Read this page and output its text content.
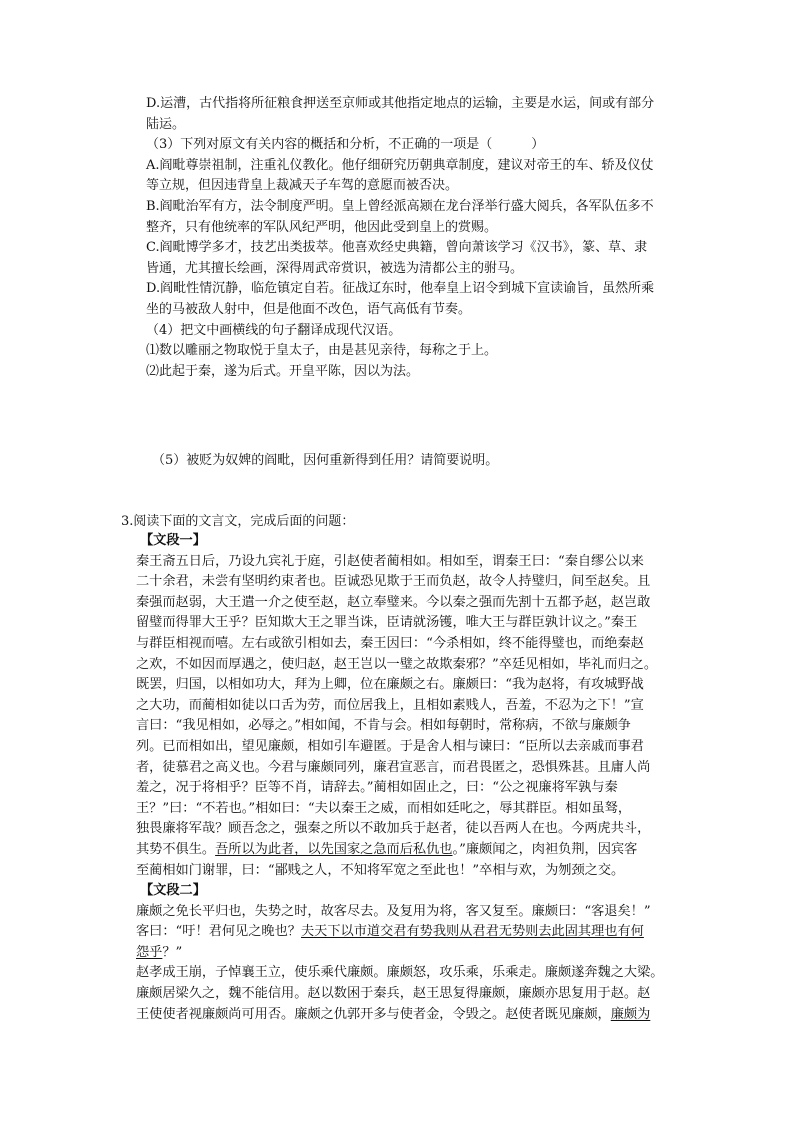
D.运漕，古代指将所征粮食押送至京师或其他指定地点的运输，主要是水运，间或有部分

陆运。

（3）下列对原文有关内容的概括和分析，不正确的一项是（　　　）

A.阎毗尊崇祖制，注重礼仪教化。他仔细研究历朝典章制度，建议对帝王的车、轿及仪仗

等立规，但因违背皇上裁减天子车驾的意愿而被否决。

B.阎毗治军有方，法令制度严明。皇上曾经派高颎在龙台泽举行盛大阅兵，各军队伍多不

整齐，只有他统率的军队风纪严明，他因此受到皇上的赏赐。

C.阎毗博学多才，技艺出类拔萃。他喜欢经史典籍，曾向萧该学习《汉书》，篆、草、隶

皆通，尤其擅长绘画，深得周武帝赏识，被选为清都公主的驸马。

D.阎毗性情沉静，临危镇定自若。征战辽东时，他奉皇上诏令到城下宣读谕旨，虽然所乘

坐的马被敌人射中，但是他面不改色，语气高低有节奏。

（4）把文中画横线的句子翻译成现代汉语。

⑴数以雕丽之物取悦于皇太子，由是甚见亲待，每称之于上。

⑵此起于秦，遂为后式。开皇平陈，因以为法。

（5）被贬为奴婢的阎毗，因何重新得到任用？请简要说明。

3.阅读下面的文言文，完成后面的问题：

【文段一】

秦王斋五日后，乃设九宾礼于庭，引赵使者蔺相如。相如至，谓秦王曰：“秦自缪公以来

二十余君，未尝有坚明约束者也。臣诚恐见欺于王而负赵，故令人持璧归，间至赵矣。且

秦强而赵弱，大王遣一介之使至赵，赵立奉璧来。今以秦之强而先割十五都予赵，赵岂敢

留璧而得罪大王乎？臣知欺大王之罪当诛，臣请就汤镬，唯大王与群臣孰计议之。”秦王

与群臣相视而嘻。左右或欲引相如去，秦王因曰：“今杀相如，终不能得璧也，而绝秦赵

之欢，不如因而厚遇之，使归赵，赵王岂以一璧之故欺秦邪？”卒廷见相如，毕礼而归之。

既罢，归国，以相如功大，拜为上卿，位在廉颇之右。廉颇曰：“我为赵将，有攻城野战

之大功，而蔺相如徒以口舌为劳，而位居我上，且相如素贱人，吾羞，不忍为之下！”宣

言曰：“我见相如，必辱之。”相如闻，不肯与会。相如每朝时，常称病，不欲与廉颇争

列。已而相如出，望见廉颇，相如引车避匿。于是舍人相与谏曰：“臣所以去亲戚而事君

者，徒慕君之高义也。今君与廉颇同列，廉君宣恶言，而君畏匿之，恐惧殊甚。且庸人尚

羞之，况于将相乎？臣等不肖，请辞去。”蔺相如固止之，曰：“公之视廉将军孰与秦

王？”曰：“不若也。”相如曰：“夫以秦王之威，而相如廷叱之，辱其群臣。相如虽驽，

独畏廉将军哉？顾吾念之，强秦之所以不敢加兵于赵者，徒以吾两人在也。今两虎共斗，

其势不俱生。吾所以为此者，以先国家之急而后私仇也。”廉颇闻之，肉袒负荆，因宾客

至蔺相如门谢罪，曰：“鄙贱之人，不知将军宽之至此也！”卒相与欢，为刎颈之交。

【文段二】

廉颇之免长平归也，失势之时，故客尽去。及复用为将，客又复至。廉颇曰：“客退矣！”

客曰：“吁！君何见之晚也？夫天下以市道交君有势我则从君君无势则去此固其理也有何

怨乎？”

赵孝成王崩，子悼襄王立，使乐乘代廉颇。廉颇怒，攻乐乘，乐乘走。廉颇遂奔魏之大梁。

廉颇居梁久之，魏不能信用。赵以数困于秦兵，赵王思复得廉颇，廉颇亦思复用于赵。赵

王使使者视廉颇尚可用否。廉颇之仇郭开多与使者金，令毁之。赵使者既见廉颇，廉颇为
